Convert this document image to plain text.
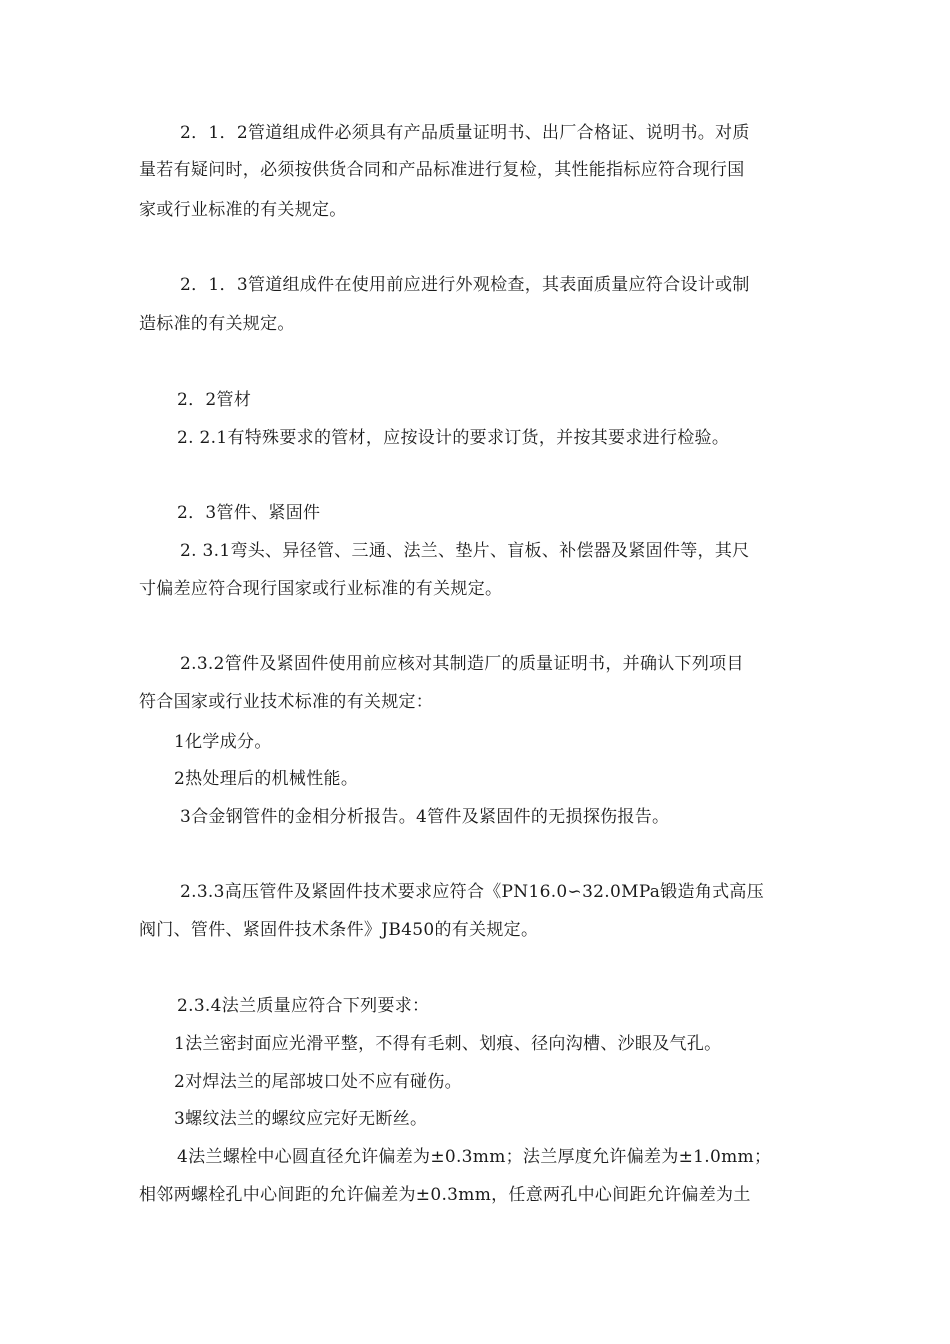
2．1．2管道组成件必须具有产品质量证明书、出厂合格证、说明书。对质
量若有疑问时，必须按供货合同和产品标准进行复检，其性能指标应符合现行国
家或行业标准的有关规定。
2．1．3管道组成件在使用前应进行外观检查，其表面质量应符合设计或制
造标准的有关规定。
2．2管材
2. 2.1有特殊要求的管材，应按设计的要求订货，并按其要求进行检验。
2．3管件、紧固件
2. 3.1弯头、异径管、三通、法兰、垫片、盲板、补偿器及紧固件等，其尺
寸偏差应符合现行国家或行业标准的有关规定。
2.3.2管件及紧固件使用前应核对其制造厂的质量证明书，并确认下列项目
符合国家或行业技术标准的有关规定：
1化学成分。
2热处理后的机械性能。
3合金钢管件的金相分析报告。4管件及紧固件的无损探伤报告。
2.3.3高压管件及紧固件技术要求应符合《PN16.0∽32.0MPa锻造角式高压
阀门、管件、紧固件技术条件》JB450的有关规定。
2.3.4法兰质量应符合下列要求：
1法兰密封面应光滑平整，不得有毛刺、划痕、径向沟槽、沙眼及气孔。
2对焊法兰的尾部坡口处不应有碰伤。
3螺纹法兰的螺纹应完好无断丝。
4法兰螺栓中心圆直径允许偏差为±0.3mm；法兰厚度允许偏差为±1.0mm；
相邻两螺栓孔中心间距的允许偏差为±0.3mm，任意两孔中心间距允许偏差为土
